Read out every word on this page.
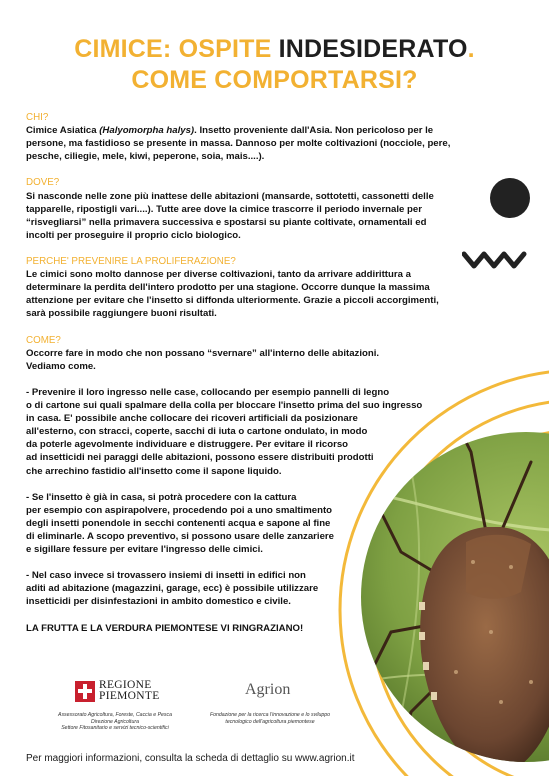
CIMICE: OSPITE INDESIDERATO.
COME COMPORTARSI?

CHI?

Cimice Asiatica (Halyomorpha halys). Insetto proveniente dall'Asia. Non pericoloso per le

persone, ma fastidioso se presente in massa. Dannoso per molte coltivazioni (nocciole, pere,

pesche, ciliegie, mele, kiwi, peperone, soia, mais....).

DOVE?

Si nasconde nelle zone più inattese delle abitazioni (mansarde, sottotetti, cassonetti delle

tapparelle, ripostigli vari....). Tutte aree dove la cimice trascorre il periodo invernale per

“risvegliarsi” nella primavera successiva e spostarsi su piante coltivate, ornamentali ed

incolti per proseguire il proprio ciclo biologico.

PERCHE' PREVENIRE LA PROLIFERAZIONE?

Le cimici sono molto dannose per diverse coltivazioni, tanto da arrivare addirittura a

determinare la perdita dell'intero prodotto per una stagione. Occorre dunque la massima

attenzione per evitare che l'insetto si diffonda ulteriormente. Grazie a piccoli accorgimenti,

sarà possibile raggiungere buoni risultati.

COME?

Occorre fare in modo che non possano “svernare” all'interno delle abitazioni.

Vediamo come.

- Prevenire il loro ingresso nelle case, collocando per esempio pannelli di legno

o di cartone sui quali spalmare della colla per bloccare l'insetto prima del suo ingresso

in casa. E' possibile anche collocare dei ricoveri artificiali da posizionare

all'esterno, con stracci, coperte, sacchi di iuta o cartone ondulato, in modo

da poterle agevolmente individuare e distruggere. Per evitare il ricorso

ad insetticidi nei paraggi delle abitazioni, possono essere distribuiti prodotti

che arrechino fastidio all'insetto come il sapone liquido.

- Se l'insetto è già in casa, si potrà procedere con la cattura

per esempio con aspirapolvere, procedendo poi a uno smaltimento

degli insetti ponendole in secchi contenenti acqua e sapone al fine

di eliminarle. A scopo preventivo, si possono usare delle zanzariere

e sigillare fessure per evitare l'ingresso delle cimici.

- Nel caso invece si trovassero insiemi di insetti in edifici non

aditi ad abitazione (magazzini, garage, ecc) è possibile utilizzare

insetticidi per disinfestazioni in ambito domestico e civile.

LA FRUTTA E LA VERDURA PIEMONTESE VI RINGRAZIANO!

REGIONE
PIEMONTE
Assessorato Agricoltura, Foreste, Caccia e Pesca
Direzione Agricoltura
Settore Fitosanitario e servizi tecnico-scientifici
Agrion
Fondazione per la ricerca l'innovazione e lo sviluppo
tecnologico dell'agricoltura piemontese
Per maggiori informazioni, consulta la scheda di dettaglio su www.agrion.it
